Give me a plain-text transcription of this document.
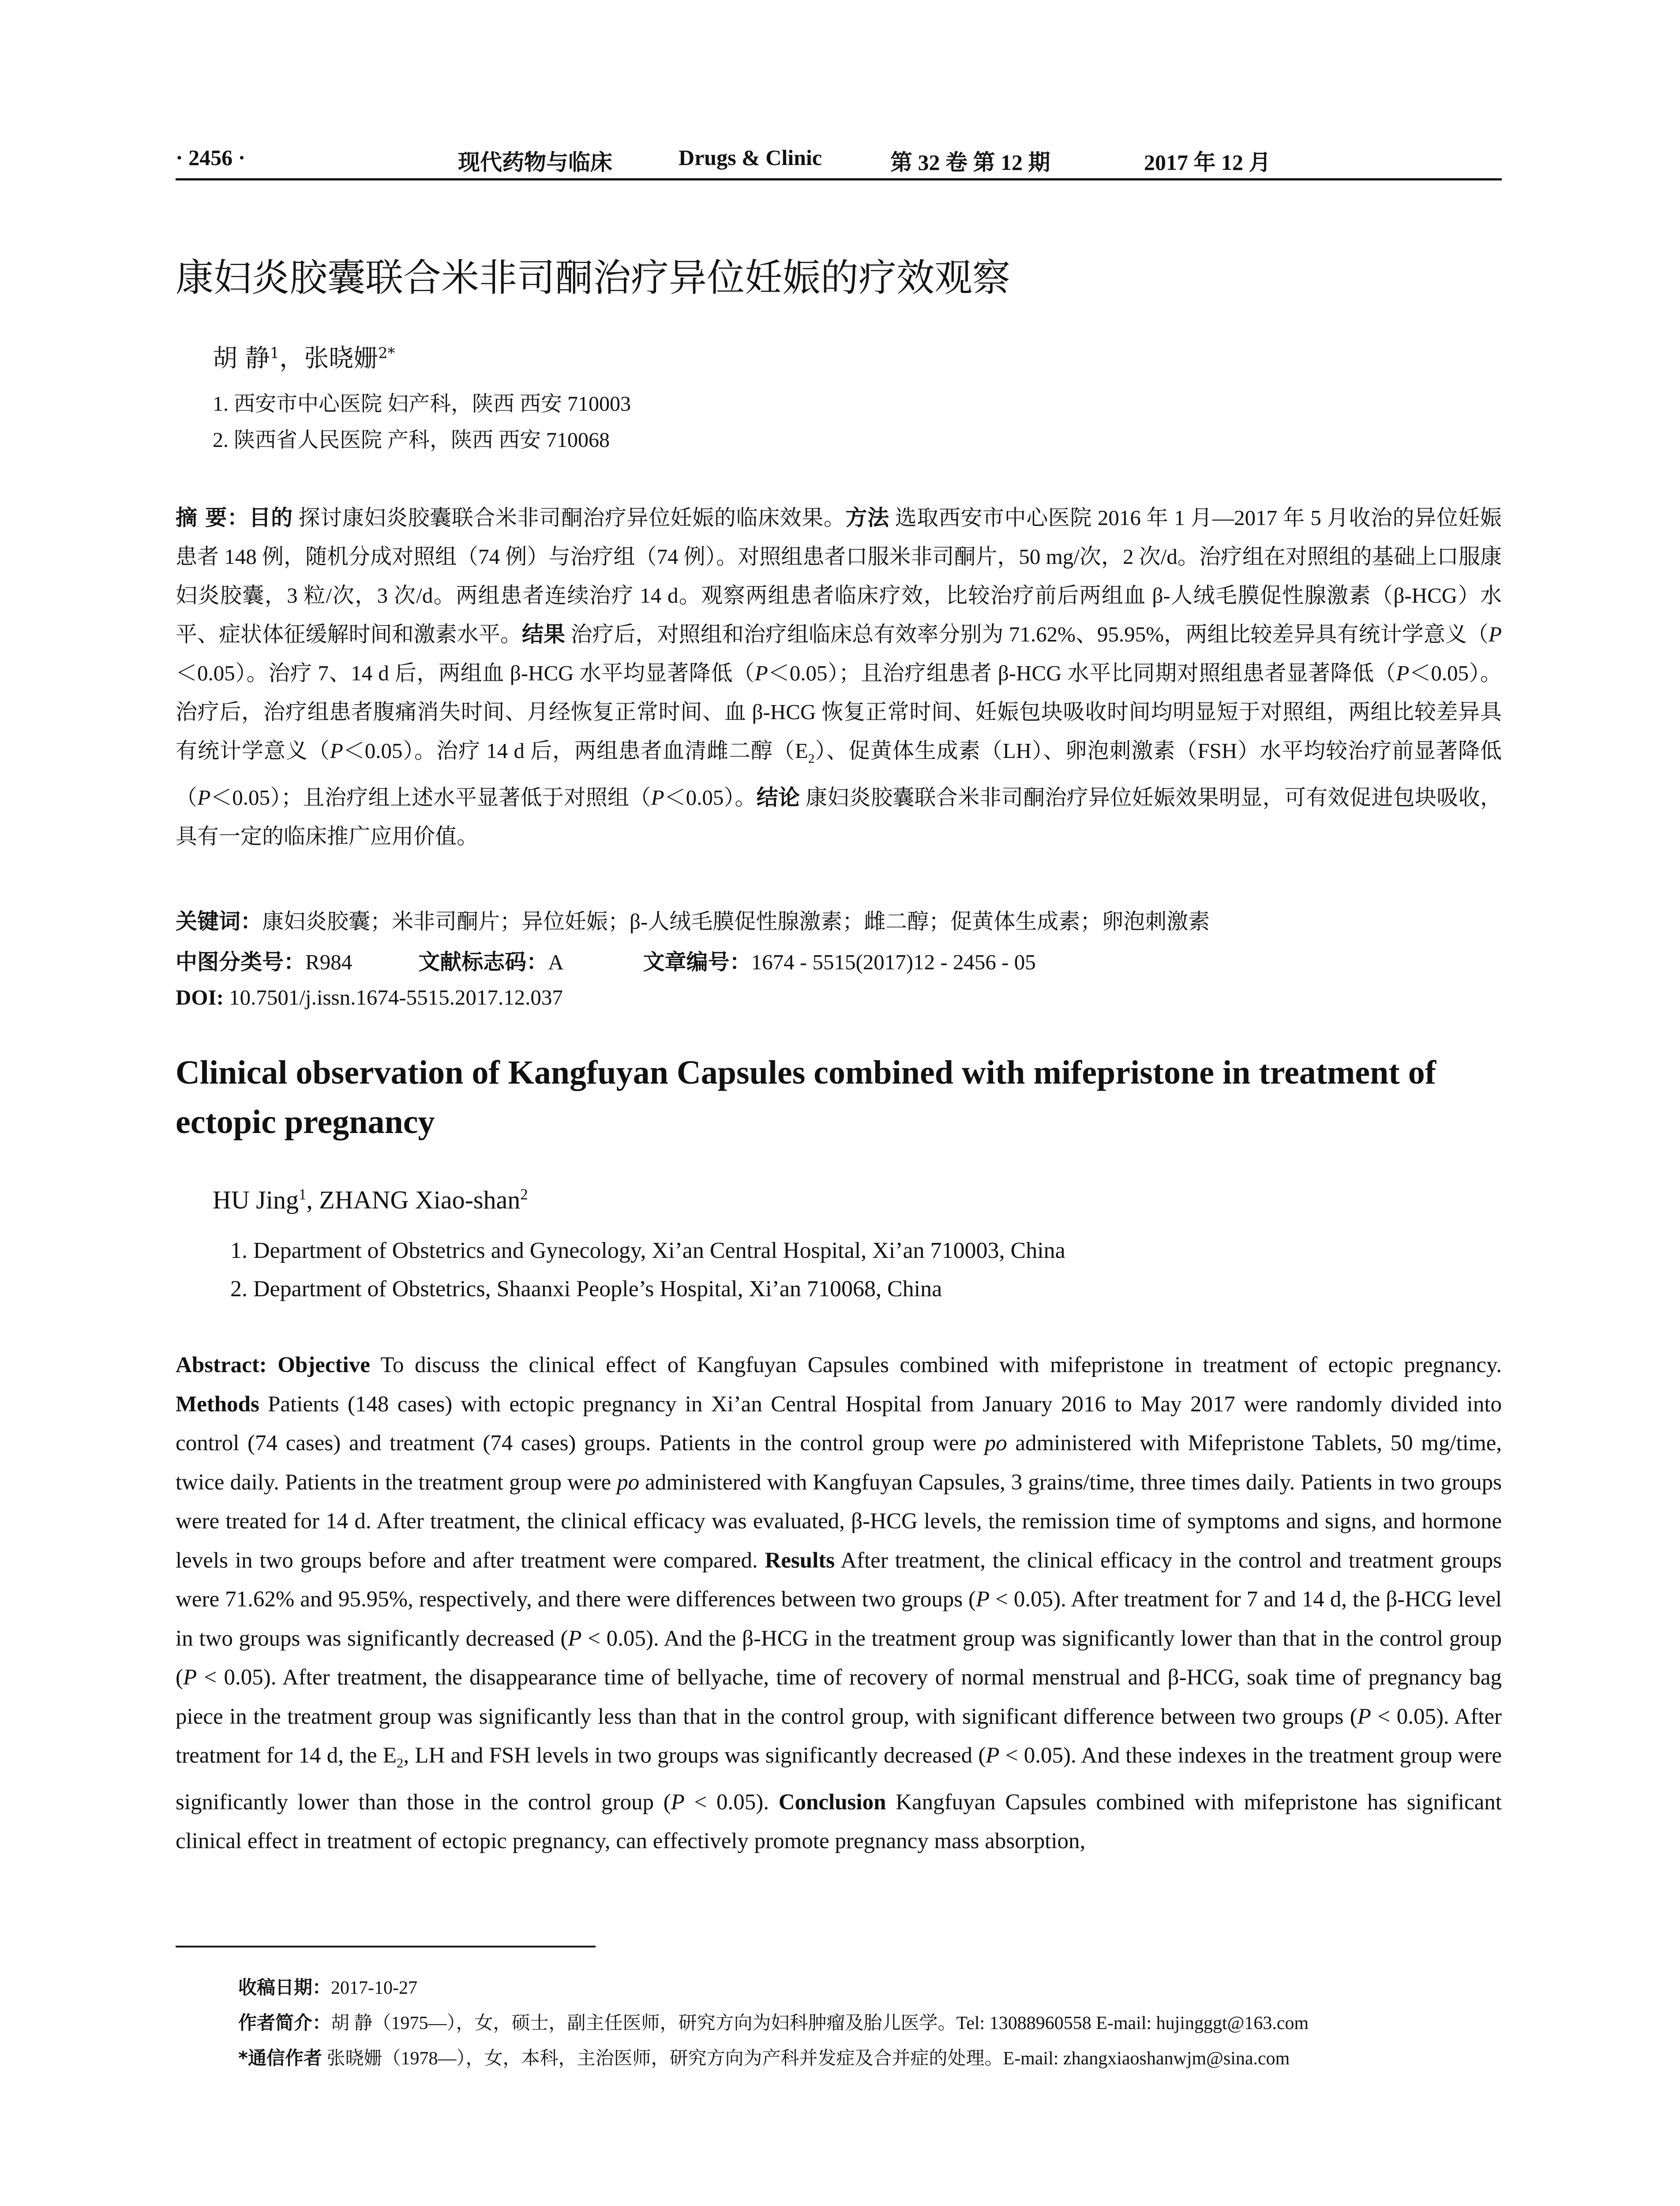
· 2456 ·	现代药物与临床	Drugs & Clinic	第 32 卷 第 12 期	2017 年 12 月
康妇炎胶囊联合米非司酮治疗异位妊娠的疗效观察
胡 静$^1$，张晓姗$^{2*}$
1. 西安市中心医院 妇产科，陕西 西安 710003
2. 陕西省人民医院 产科，陕西 西安 710068
摘 要：目的 探讨康妇炎胶囊联合米非司酮治疗异位妊娠的临床效果。方法 选取西安市中心医院 2016 年 1 月—2017 年 5 月收治的异位妊娠患者 148 例，随机分成对照组（74 例）与治疗组（74 例）。对照组患者口服米非司酮片，50 mg/次，2 次/d。治疗组在对照组的基础上口服康妇炎胶囊，3 粒/次，3 次/d。两组患者连续治疗 14 d。观察两组患者临床疗效，比较治疗前后两组血 β-人绒毛膜促性腺激素（β-HCG）水平、症状体征缓解时间和激素水平。结果 治疗后，对照组和治疗组临床总有效率分别为 71.62%、95.95%，两组比较差异具有统计学意义（P＜0.05）。治疗 7、14 d 后，两组血 β-HCG 水平均显著降低（P＜0.05）；且治疗组患者 β-HCG 水平比同期对照组患者显著降低（P＜0.05）。治疗后，治疗组患者腹痛消失时间、月经恢复正常时间、血 β-HCG 恢复正常时间、妊娠包块吸收时间均明显短于对照组，两组比较差异具有统计学意义（P＜0.05）。治疗 14 d 后，两组患者血清雌二醇$(E_2)$、促黄体生成素（LH）、卵泡刺激素（FSH）水平均较治疗前显著降低（P＜0.05）；且治疗组上述水平显著低于对照组（P＜0.05）。结论 康妇炎胶囊联合米非司酮治疗异位妊娠效果明显，可有效促进包块吸收，具有一定的临床推广应用价值。
关键词：康妇炎胶囊；米非司酮片；异位妊娠；β-人绒毛膜促性腺激素；雌二醇；促黄体生成素；卵泡刺激素
中图分类号：R984	文献标志码：A	文章编号：1674 - 5515(2017)12 - 2456 - 05
DOI: 10.7501/j.issn.1674-5515.2017.12.037
Clinical observation of Kangfuyan Capsules combined with mifepristone in treatment of ectopic pregnancy
HU Jing$^1$, ZHANG Xiao-shan$^2$
1. Department of Obstetrics and Gynecology, Xi’an Central Hospital, Xi’an 710003, China
2. Department of Obstetrics, Shaanxi People’s Hospital, Xi’an 710068, China
Abstract: Objective To discuss the clinical effect of Kangfuyan Capsules combined with mifepristone in treatment of ectopic pregnancy. Methods Patients (148 cases) with ectopic pregnancy in Xi’an Central Hospital from January 2016 to May 2017 were randomly divided into control (74 cases) and treatment (74 cases) groups. Patients in the control group were po administered with Mifepristone Tablets, 50 mg/time, twice daily. Patients in the treatment group were po administered with Kangfuyan Capsules, 3 grains/time, three times daily. Patients in two groups were treated for 14 d. After treatment, the clinical efficacy was evaluated, β-HCG levels, the remission time of symptoms and signs, and hormone levels in two groups before and after treatment were compared. Results After treatment, the clinical efficacy in the control and treatment groups were 71.62% and 95.95%, respectively, and there were differences between two groups (P < 0.05). After treatment for 7 and 14 d, the β-HCG level in two groups was significantly decreased (P < 0.05). And the β-HCG in the treatment group was significantly lower than that in the control group (P < 0.05). After treatment, the disappearance time of bellyache, time of recovery of normal menstrual and β-HCG, soak time of pregnancy bag piece in the treatment group was significantly less than that in the control group, with significant difference between two groups (P < 0.05). After treatment for 14 d, the $E_2$, LH and FSH levels in two groups was significantly decreased (P < 0.05). And these indexes in the treatment group were significantly lower than those in the control group (P < 0.05). Conclusion Kangfuyan Capsules combined with mifepristone has significant clinical effect in treatment of ectopic pregnancy, can effectively promote pregnancy mass absorption,
收稿日期：2017-10-27
作者简介：胡 静（1975—），女，硕士，副主任医师，研究方向为妇科肿瘤及胎儿医学。Tel: 13088960558 E-mail: hujingggt@163.com
*通信作者 张晓姗（1978—），女，本科，主治医师，研究方向为产科并发症及合并症的处理。E-mail: zhangxiaoshanwjm@sina.com
